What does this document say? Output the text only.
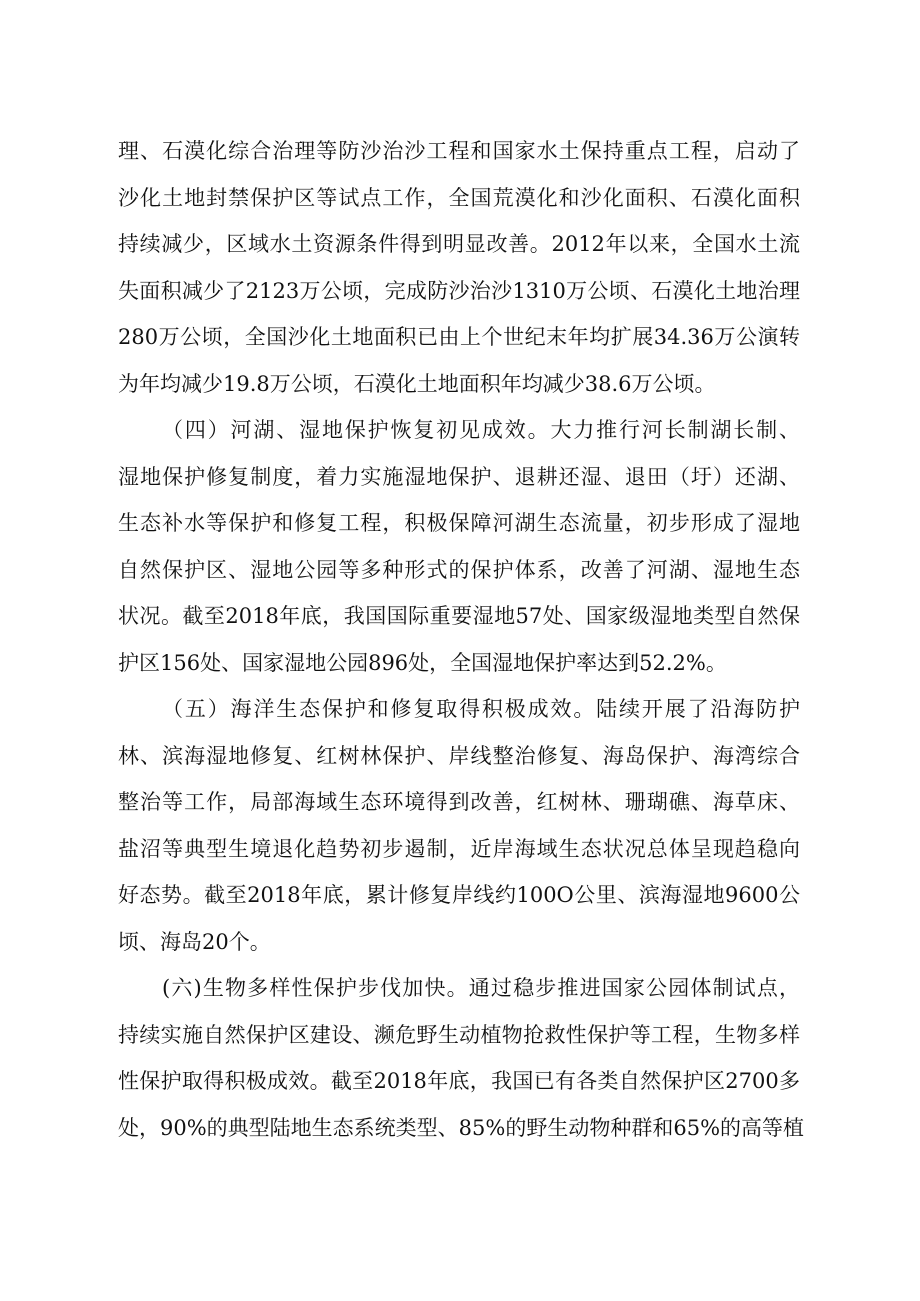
理、石漠化综合治理等防沙治沙工程和国家水土保持重点工程，启动了
沙化土地封禁保护区等试点工作，全国荒漠化和沙化面积、石漠化面积
持续减少，区域水土资源条件得到明显改善。2012年以来，全国水土流
失面积减少了2123万公顷，完成防沙治沙1310万公顷、石漠化土地治理
280万公顷，全国沙化土地面积已由上个世纪末年均扩展34.36万公演转
为年均减少19.8万公顷，石漠化土地面积年均减少38.6万公顷。
（四）河湖、湿地保护恢复初见成效。大力推行河长制湖长制、
湿地保护修复制度，着力实施湿地保护、退耕还湿、退田（圩）还湖、
生态补水等保护和修复工程，积极保障河湖生态流量，初步形成了湿地
自然保护区、湿地公园等多种形式的保护体系，改善了河湖、湿地生态
状况。截至2018年底，我国国际重要湿地57处、国家级湿地类型自然保
护区156处、国家湿地公园896处，全国湿地保护率达到52.2%。
（五）海洋生态保护和修复取得积极成效。陆续开展了沿海防护
林、滨海湿地修复、红树林保护、岸线整治修复、海岛保护、海湾综合
整治等工作，局部海域生态环境得到改善，红树林、珊瑚礁、海草床、
盐沼等典型生境退化趋势初步遏制，近岸海域生态状况总体呈现趋稳向
好态势。截至2018年底，累计修复岸线约100O公里、滨海湿地9600公
顷、海岛20个。
(六)生物多样性保护步伐加快。通过稳步推进国家公园体制试点，
持续实施自然保护区建设、濒危野生动植物抢救性保护等工程，生物多样
性保护取得积极成效。截至2018年底，我国已有各类自然保护区2700多
处，90%的典型陆地生态系统类型、85%的野生动物种群和65%的高等植
